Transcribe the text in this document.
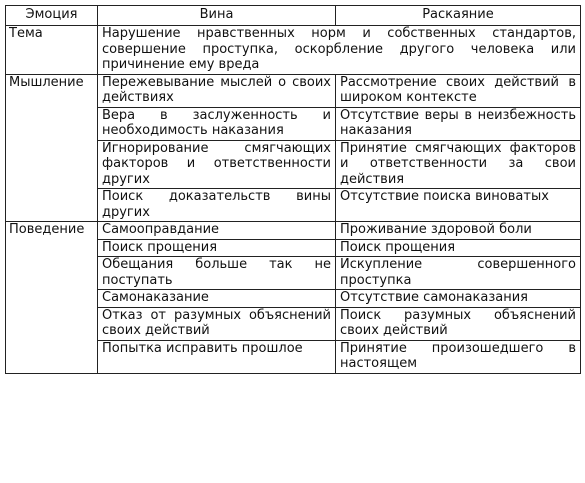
Эмоция	Вина	Раскаяние
Тема	Нарушение нравственных норм и собственных стандартов, совершение проступка, оскорбление другого человека или причинение ему вреда	
Мышление	Пережевывание мыслей о своих действиях	Рассмотрение своих действий в широком контексте
	Вера в заслуженность и необходимость наказания	Отсутствие веры в неизбежность наказания
	Игнорирование смягчающих факторов и ответственности других	Принятие смягчающих факторов и ответственности за свои действия
	Поиск доказательств вины других	Отсутствие поиска виноватых
Поведение	Самооправдание	Проживание здоровой боли
	Поиск прощения	Поиск прощения
	Обещания больше так не поступать	Искупление совершенного проступка
	Самонаказание	Отсутствие самонаказания
	Отказ от разумных объяснений своих действий	Поиск разумных объяснений своих действий
	Попытка исправить прошлое	Принятие произошедшего в настоящем
